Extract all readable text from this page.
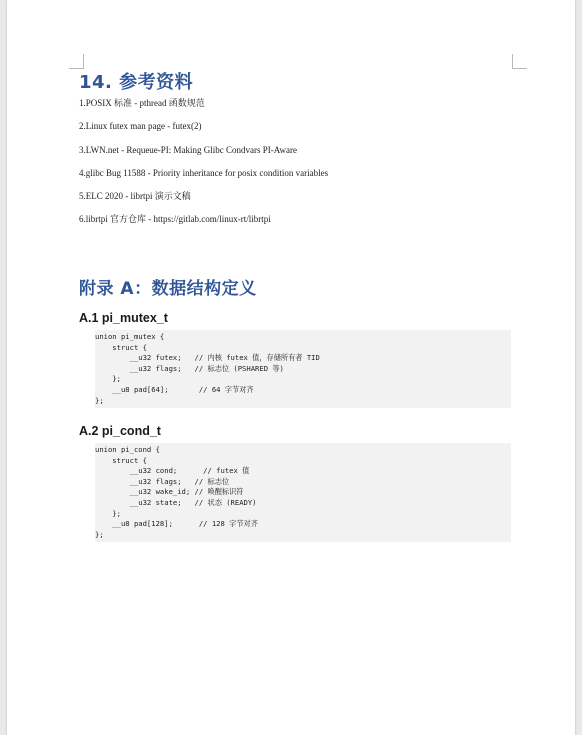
14. 参考资料
1.POSIX 标准 - pthread 函数规范
2.Linux futex man page - futex(2)
3.LWN.net - Requeue-PI: Making Glibc Condvars PI-Aware
4.glibc Bug 11588 - Priority inheritance for posix condition variables
5.ELC 2020 - librtpi 演示文稿
6.librtpi 官方仓库 - https://gitlab.com/linux-rt/librtpi
附录 A：数据结构定义
A.1 pi_mutex_t
union pi_mutex {
struct {
__u32 futex;   // 内核 futex 值，存储所有者 TID
__u32 flags;   // 标志位 (PSHARED 等)
};
__u8 pad[64];       // 64 字节对齐
};
A.2 pi_cond_t
union pi_cond {
struct {
__u32 cond;      // futex 值
__u32 flags;   // 标志位
__u32 wake_id; // 唤醒标识符
__u32 state;   // 状态 (READY)
};
__u8 pad[128];      // 128 字节对齐
};
